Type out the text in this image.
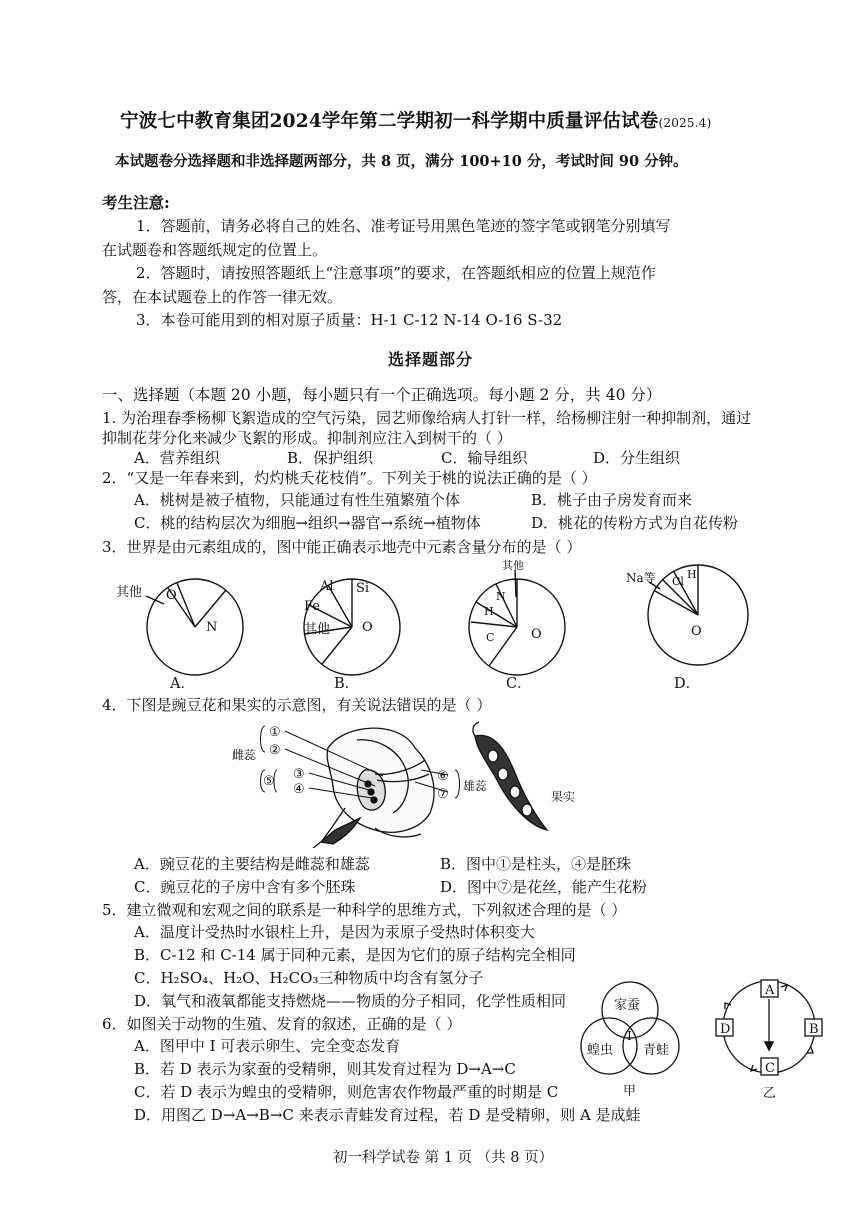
宁波七中教育集团2024学年第二学期初一科学期中质量评估试卷(2025.4)
本试题卷分选择题和非选择题两部分，共 8 页，满分 100+10 分，考试时间 90 分钟。
考生注意:
1．答题前，请务必将自己的姓名、准考证号用黑色笔迹的签字笔或钢笔分别填写
在试题卷和答题纸规定的位置上。
2．答题时，请按照答题纸上“注意事项”的要求，在答题纸相应的位置上规范作
答，在本试题卷上的作答一律无效。
3．本卷可能用到的相对原子质量：H-1 C-12 N-14 O-16 S-32
选择题部分
一、选择题（本题 20 小题，每小题只有一个正确选项。每小题 2 分，共 40 分）
1. 为治理春季杨柳飞絮造成的空气污染，园艺师像给病人打针一样，给杨柳注射一种抑制剂，通过
抑制花芽分化来减少飞絮的形成。抑制剂应注入到树干的（ ）
A．营养组织	B．保护组织	C．输导组织	D．分生组织
2．“又是一年春来到，灼灼桃夭花枝俏”。下列关于桃的说法正确的是（ ）
A．桃树是被子植物，只能通过有性生殖繁殖个体	B．桃子由子房发育而来
C．桃的结构层次为细胞→组织→器官→系统→植物体	D．桃花的传粉方式为自花传粉
3．世界是由元素组成的，图中能正确表示地壳中元素含量分布的是（ ）
其他 O
N
Al Si
Fe
其他 O
其他
N
H
C	O
Na等 Cl
H
O
A．	B．	C．	D．
4．下图是豌豆花和果实的示意图，有关说法错误的是（ ）
雌蕊
①
②
③
④
⑤	⑥
⑦
雄蕊
果实
A．豌豆花的主要结构是雌蕊和雄蕊	B．图中①是柱头，④是胚珠
C．豌豆花的子房中含有多个胚珠	D．图中⑦是花丝，能产生花粉
5．建立微观和宏观之间的联系是一种科学的思维方式，下列叙述合理的是（ ）
A．温度计受热时水银柱上升，是因为汞原子受热时体积变大
B．C-12 和 C-14 属于同种元素，是因为它们的原子结构完全相同
C．H₂SO₄、H₂O、H₂CO₃三种物质中均含有氢分子
D．氧气和液氧都能支持燃烧——物质的分子相同，化学性质相同
6．如图关于动物的生殖、发育的叙述，正确的是（ ）
A．图甲中 I 可表示卵生、完全变态发育
B．若 D 表示为家蚕的受精卵，则其发育过程为 D→A→C
C．若 D 表示为蝗虫的受精卵，则危害农作物最严重的时期是 C
D．用图乙 D→A→B→C 来表示青蛙发育过程，若 D 是受精卵，则 A 是成蛙
家蚕
蝗虫 青蛙
I
甲
A
B
C
D
乙
初一科学试卷 第 1 页 （共 8 页）
